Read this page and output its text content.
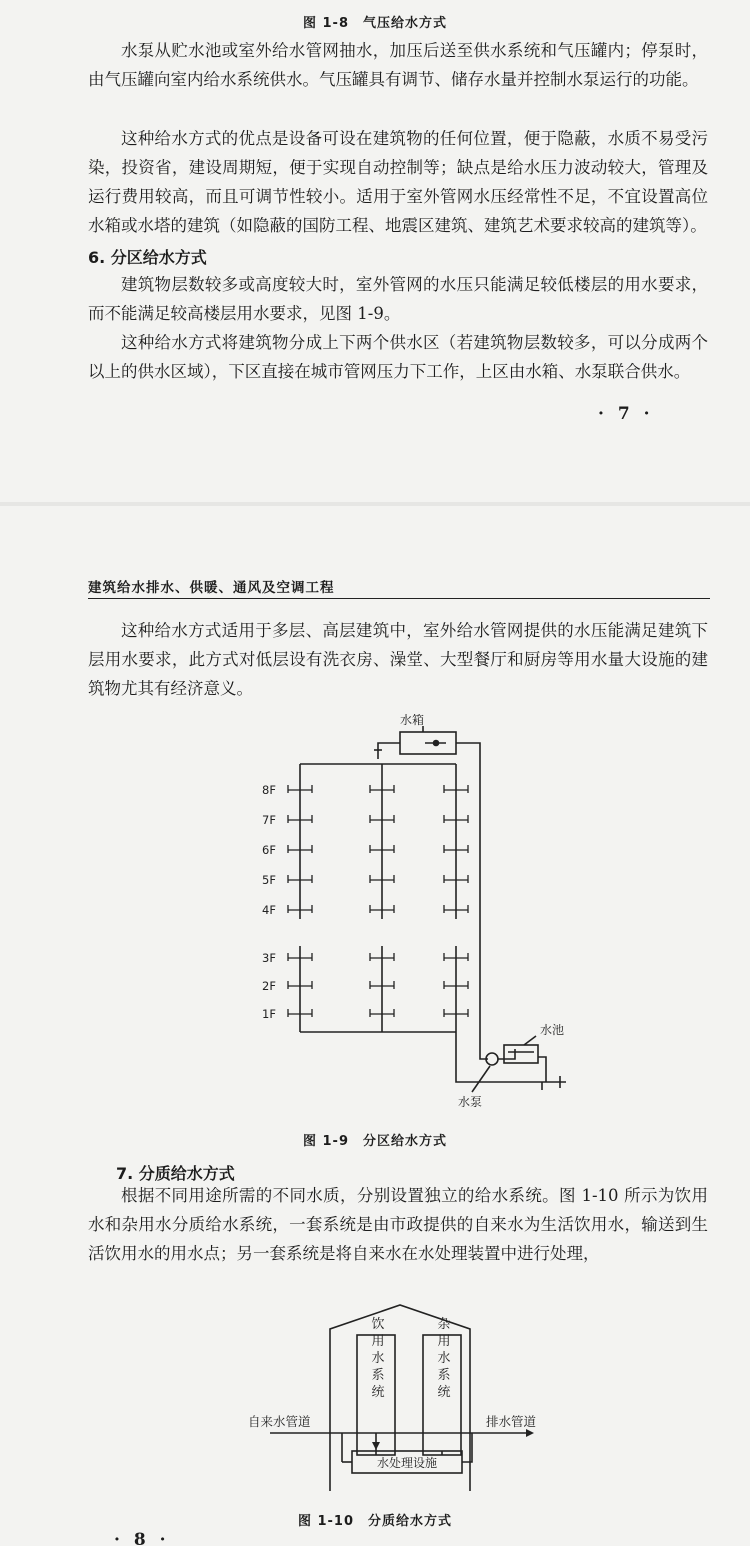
图 1-8　气压给水方式

水泵从贮水池或室外给水管网抽水，加压后送至供水系统和气压罐内；停泵时，由气压罐向室内给水系统供水。气压罐具有调节、储存水量并控制水泵运行的功能。

这种给水方式的优点是设备可设在建筑物的任何位置，便于隐蔽，水质不易受污染，投资省，建设周期短，便于实现自动控制等；缺点是给水压力波动较大，管理及运行费用较高，而且可调节性较小。适用于室外管网水压经常性不足，不宜设置高位水箱或水塔的建筑（如隐蔽的国防工程、地震区建筑、建筑艺术要求较高的建筑等）。

6. 分区给水方式

建筑物层数较多或高度较大时，室外管网的水压只能满足较低楼层的用水要求，而不能满足较高楼层用水要求，见图 1-9。

这种给水方式将建筑物分成上下两个供水区（若建筑物层数较多，可以分成两个以上的供水区域），下区直接在城市管网压力下工作，上区由水箱、水泵联合供水。

· 7 ·
建筑给水排水、供暖、通风及空调工程

这种给水方式适用于多层、高层建筑中，室外给水管网提供的水压能满足建筑下层用水要求，此方式对低层设有洗衣房、澡堂、大型餐厅和厨房等用水量大设施的建筑物尤其有经济意义。

8F
7F
6F
5F
4F
3F
2F
1F
水箱
水池
水泵
图 1-9　分区给水方式
7. 分质给水方式

根据不同用途所需的不同水质，分别设置独立的给水系统。图 1-10 所示为饮用水和杂用水分质给水系统，一套系统是由市政提供的自来水为生活饮用水，输送到生活饮用水的用水点；另一套系统是将自来水在水处理装置中进行处理，

饮用水系统	杂用水系统
自来水管道	排水管道
水处理设施
图 1-10　分质给水方式
· 8 ·
